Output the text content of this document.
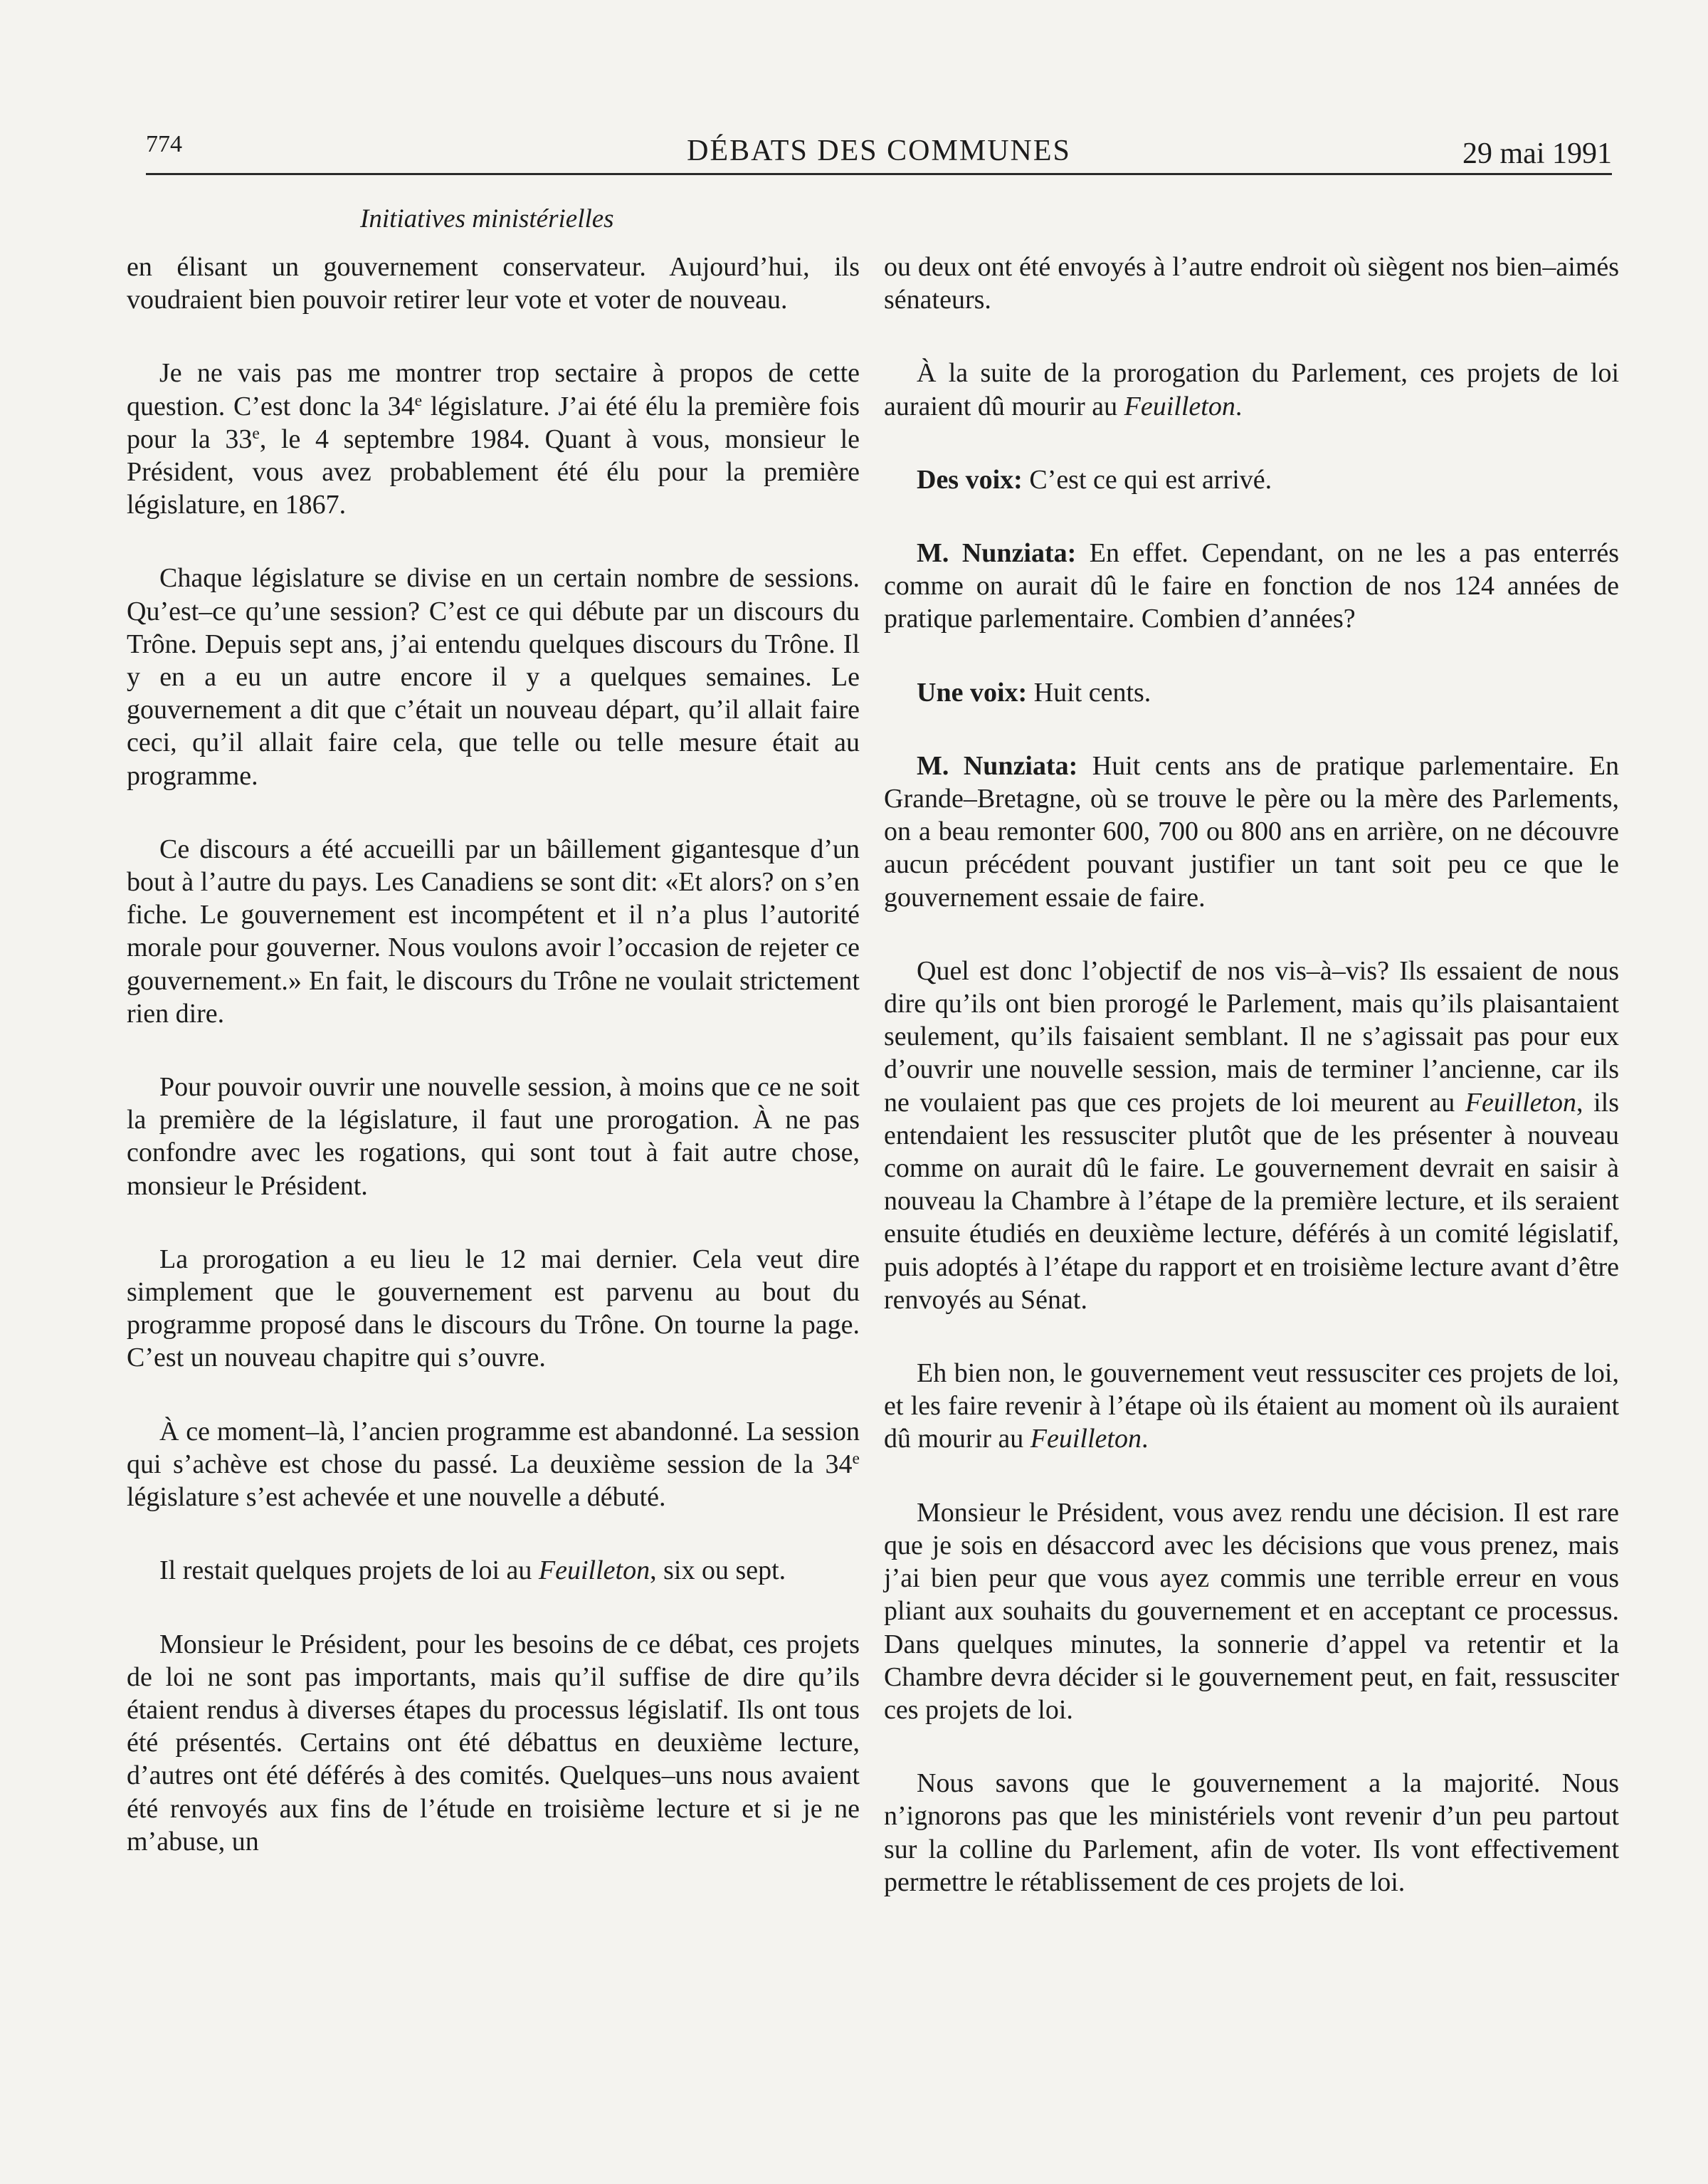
774	DÉBATS DES COMMUNES	29 mai 1991
Initiatives ministérielles

en élisant un gouvernement conservateur. Aujourd’hui, ils voudraient bien pouvoir retirer leur vote et voter de nouveau.

Je ne vais pas me montrer trop sectaire à propos de cette question. C’est donc la 34e législature. J’ai été élu la première fois pour la 33e, le 4 septembre 1984. Quant à vous, monsieur le Président, vous avez probablement été élu pour la première législature, en 1867.

Chaque législature se divise en un certain nombre de sessions. Qu’est–ce qu’une session? C’est ce qui débute par un discours du Trône. Depuis sept ans, j’ai entendu quelques discours du Trône. Il y en a eu un autre encore il y a quelques semaines. Le gouvernement a dit que c’était un nouveau départ, qu’il allait faire ceci, qu’il allait faire cela, que telle ou telle mesure était au programme.

Ce discours a été accueilli par un bâillement gigantesque d’un bout à l’autre du pays. Les Canadiens se sont dit: «Et alors? on s’en fiche. Le gouvernement est incompétent et il n’a plus l’autorité morale pour gouverner. Nous voulons avoir l’occasion de rejeter ce gouvernement.» En fait, le discours du Trône ne voulait strictement rien dire.

Pour pouvoir ouvrir une nouvelle session, à moins que ce ne soit la première de la législature, il faut une prorogation. À ne pas confondre avec les rogations, qui sont tout à fait autre chose, monsieur le Président.

La prorogation a eu lieu le 12 mai dernier. Cela veut dire simplement que le gouvernement est parvenu au bout du programme proposé dans le discours du Trône. On tourne la page. C’est un nouveau chapitre qui s’ouvre.

À ce moment–là, l’ancien programme est abandonné. La session qui s’achève est chose du passé. La deuxième session de la 34e législature s’est achevée et une nouvelle a débuté.

Il restait quelques projets de loi au Feuilleton, six ou sept.

Monsieur le Président, pour les besoins de ce débat, ces projets de loi ne sont pas importants, mais qu’il suffise de dire qu’ils étaient rendus à diverses étapes du processus législatif. Ils ont tous été présentés. Certains ont été débattus en deuxième lecture, d’autres ont été déférés à des comités. Quelques–uns nous avaient été renvoyés aux fins de l’étude en troisième lecture et si je ne m’abuse, un

ou deux ont été envoyés à l’autre endroit où siègent nos bien–aimés sénateurs.

À la suite de la prorogation du Parlement, ces projets de loi auraient dû mourir au Feuilleton.

Des voix: C’est ce qui est arrivé.

M. Nunziata: En effet. Cependant, on ne les a pas enterrés comme on aurait dû le faire en fonction de nos 124 années de pratique parlementaire. Combien d’années?

Une voix: Huit cents.

M. Nunziata: Huit cents ans de pratique parlementaire. En Grande–Bretagne, où se trouve le père ou la mère des Parlements, on a beau remonter 600, 700 ou 800 ans en arrière, on ne découvre aucun précédent pouvant justifier un tant soit peu ce que le gouvernement essaie de faire.

Quel est donc l’objectif de nos vis–à–vis? Ils essaient de nous dire qu’ils ont bien prorogé le Parlement, mais qu’ils plaisantaient seulement, qu’ils faisaient semblant. Il ne s’agissait pas pour eux d’ouvrir une nouvelle session, mais de terminer l’ancienne, car ils ne voulaient pas que ces projets de loi meurent au Feuilleton, ils entendaient les ressusciter plutôt que de les présenter à nouveau comme on aurait dû le faire. Le gouvernement devrait en saisir à nouveau la Chambre à l’étape de la première lecture, et ils seraient ensuite étudiés en deuxième lecture, déférés à un comité législatif, puis adoptés à l’étape du rapport et en troisième lecture avant d’être renvoyés au Sénat.

Eh bien non, le gouvernement veut ressusciter ces projets de loi, et les faire revenir à l’étape où ils étaient au moment où ils auraient dû mourir au Feuilleton.

Monsieur le Président, vous avez rendu une décision. Il est rare que je sois en désaccord avec les décisions que vous prenez, mais j’ai bien peur que vous ayez commis une terrible erreur en vous pliant aux souhaits du gouvernement et en acceptant ce processus. Dans quelques minutes, la sonnerie d’appel va retentir et la Chambre devra décider si le gouvernement peut, en fait, ressusciter ces projets de loi.

Nous savons que le gouvernement a la majorité. Nous n’ignorons pas que les ministériels vont revenir d’un peu partout sur la colline du Parlement, afin de voter. Ils vont effectivement permettre le rétablissement de ces projets de loi.
